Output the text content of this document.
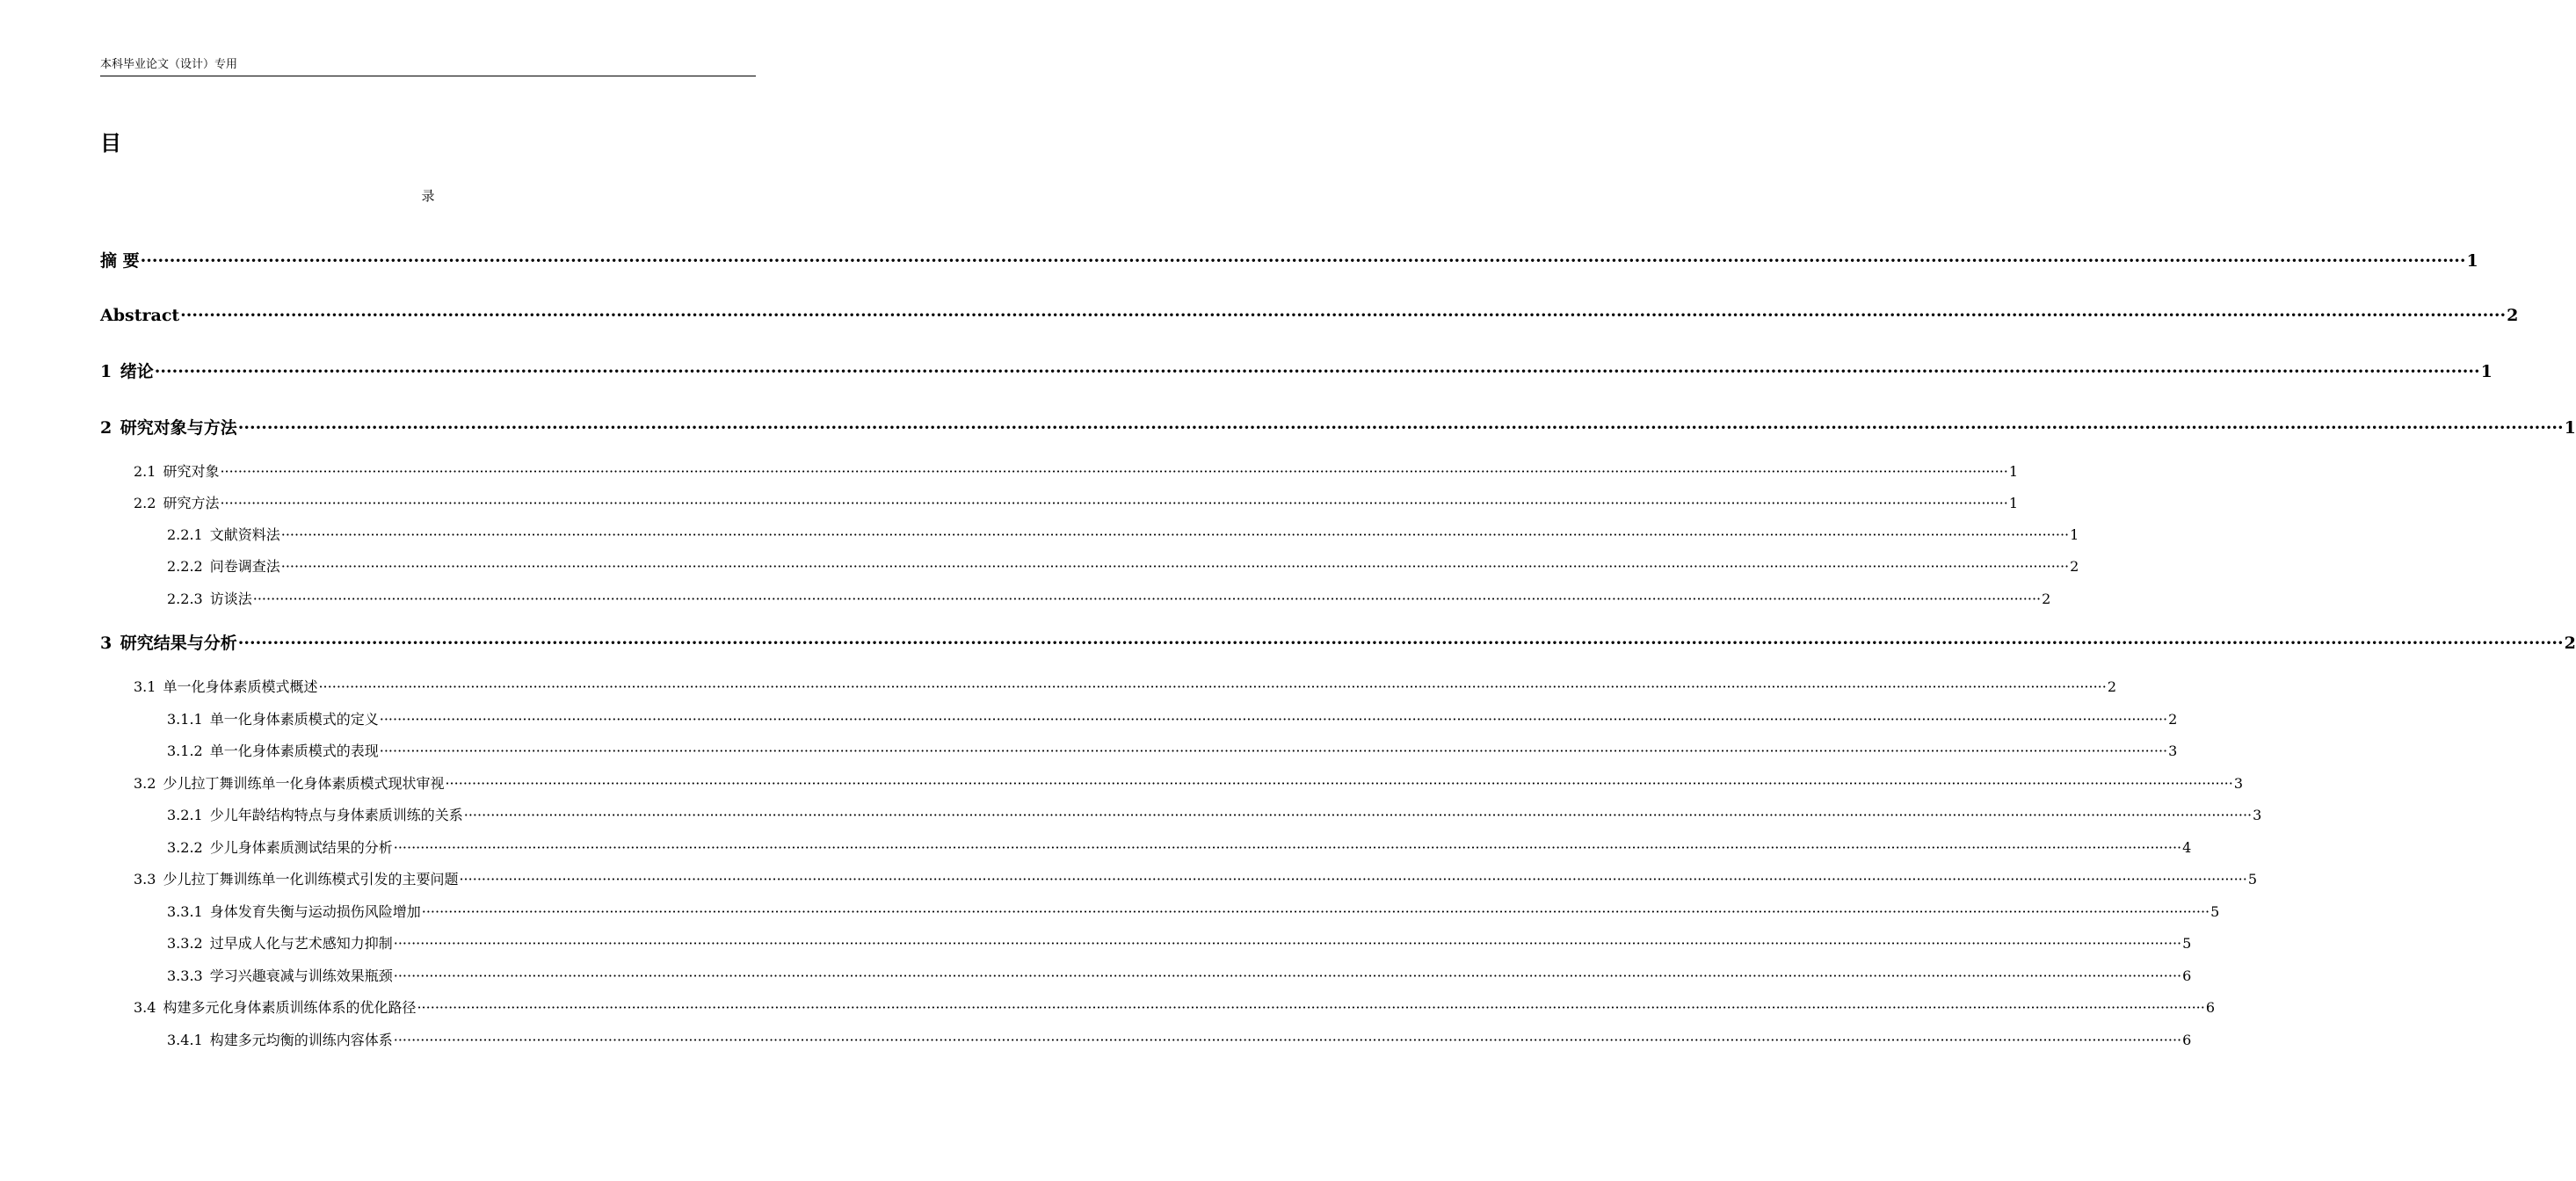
本科毕业论文（设计）专用
目
录
摘 要 ················································································································································································································································································································································································································ 1
Abstract ················································································································································································································································································································································································································ 2
1 绪论 ················································································································································································································································································································································································································ 1
2 研究对象与方法 ················································································································································································································································································································································································································ 1
2.1 研究对象 ················································································································································································································································································································································································································ 1
2.2 研究方法 ················································································································································································································································································································································································································ 1
2.2.1 文献资料法 ················································································································································································································································································································································································································ 1
2.2.2 问卷调查法 ················································································································································································································································································································································································································ 2
2.2.3 访谈法 ················································································································································································································································································································································································································ 2
3 研究结果与分析 ················································································································································································································································································································································································································ 2
3.1 单一化身体素质模式概述 ················································································································································································································································································································································································································ 2
3.1.1 单一化身体素质模式的定义 ················································································································································································································································································································································································································ 2
3.1.2 单一化身体素质模式的表现 ················································································································································································································································································································································································································ 3
3.2 少儿拉丁舞训练单一化身体素质模式现状审视 ················································································································································································································································································································································································································ 3
3.2.1 少儿年龄结构特点与身体素质训练的关系 ················································································································································································································································································································································································································ 3
3.2.2 少儿身体素质测试结果的分析 ················································································································································································································································································································································································································ 4
3.3 少儿拉丁舞训练单一化训练模式引发的主要问题 ················································································································································································································································································································································································································ 5
3.3.1 身体发育失衡与运动损伤风险增加 ················································································································································································································································································································································································································ 5
3.3.2 过早成人化与艺术感知力抑制 ················································································································································································································································································································································································································ 5
3.3.3 学习兴趣衰减与训练效果瓶颈 ················································································································································································································································································································································································································ 6
3.4 构建多元化身体素质训练体系的优化路径 ················································································································································································································································································································································································································ 6
3.4.1 构建多元均衡的训练内容体系 ················································································································································································································································································································································································································ 6
